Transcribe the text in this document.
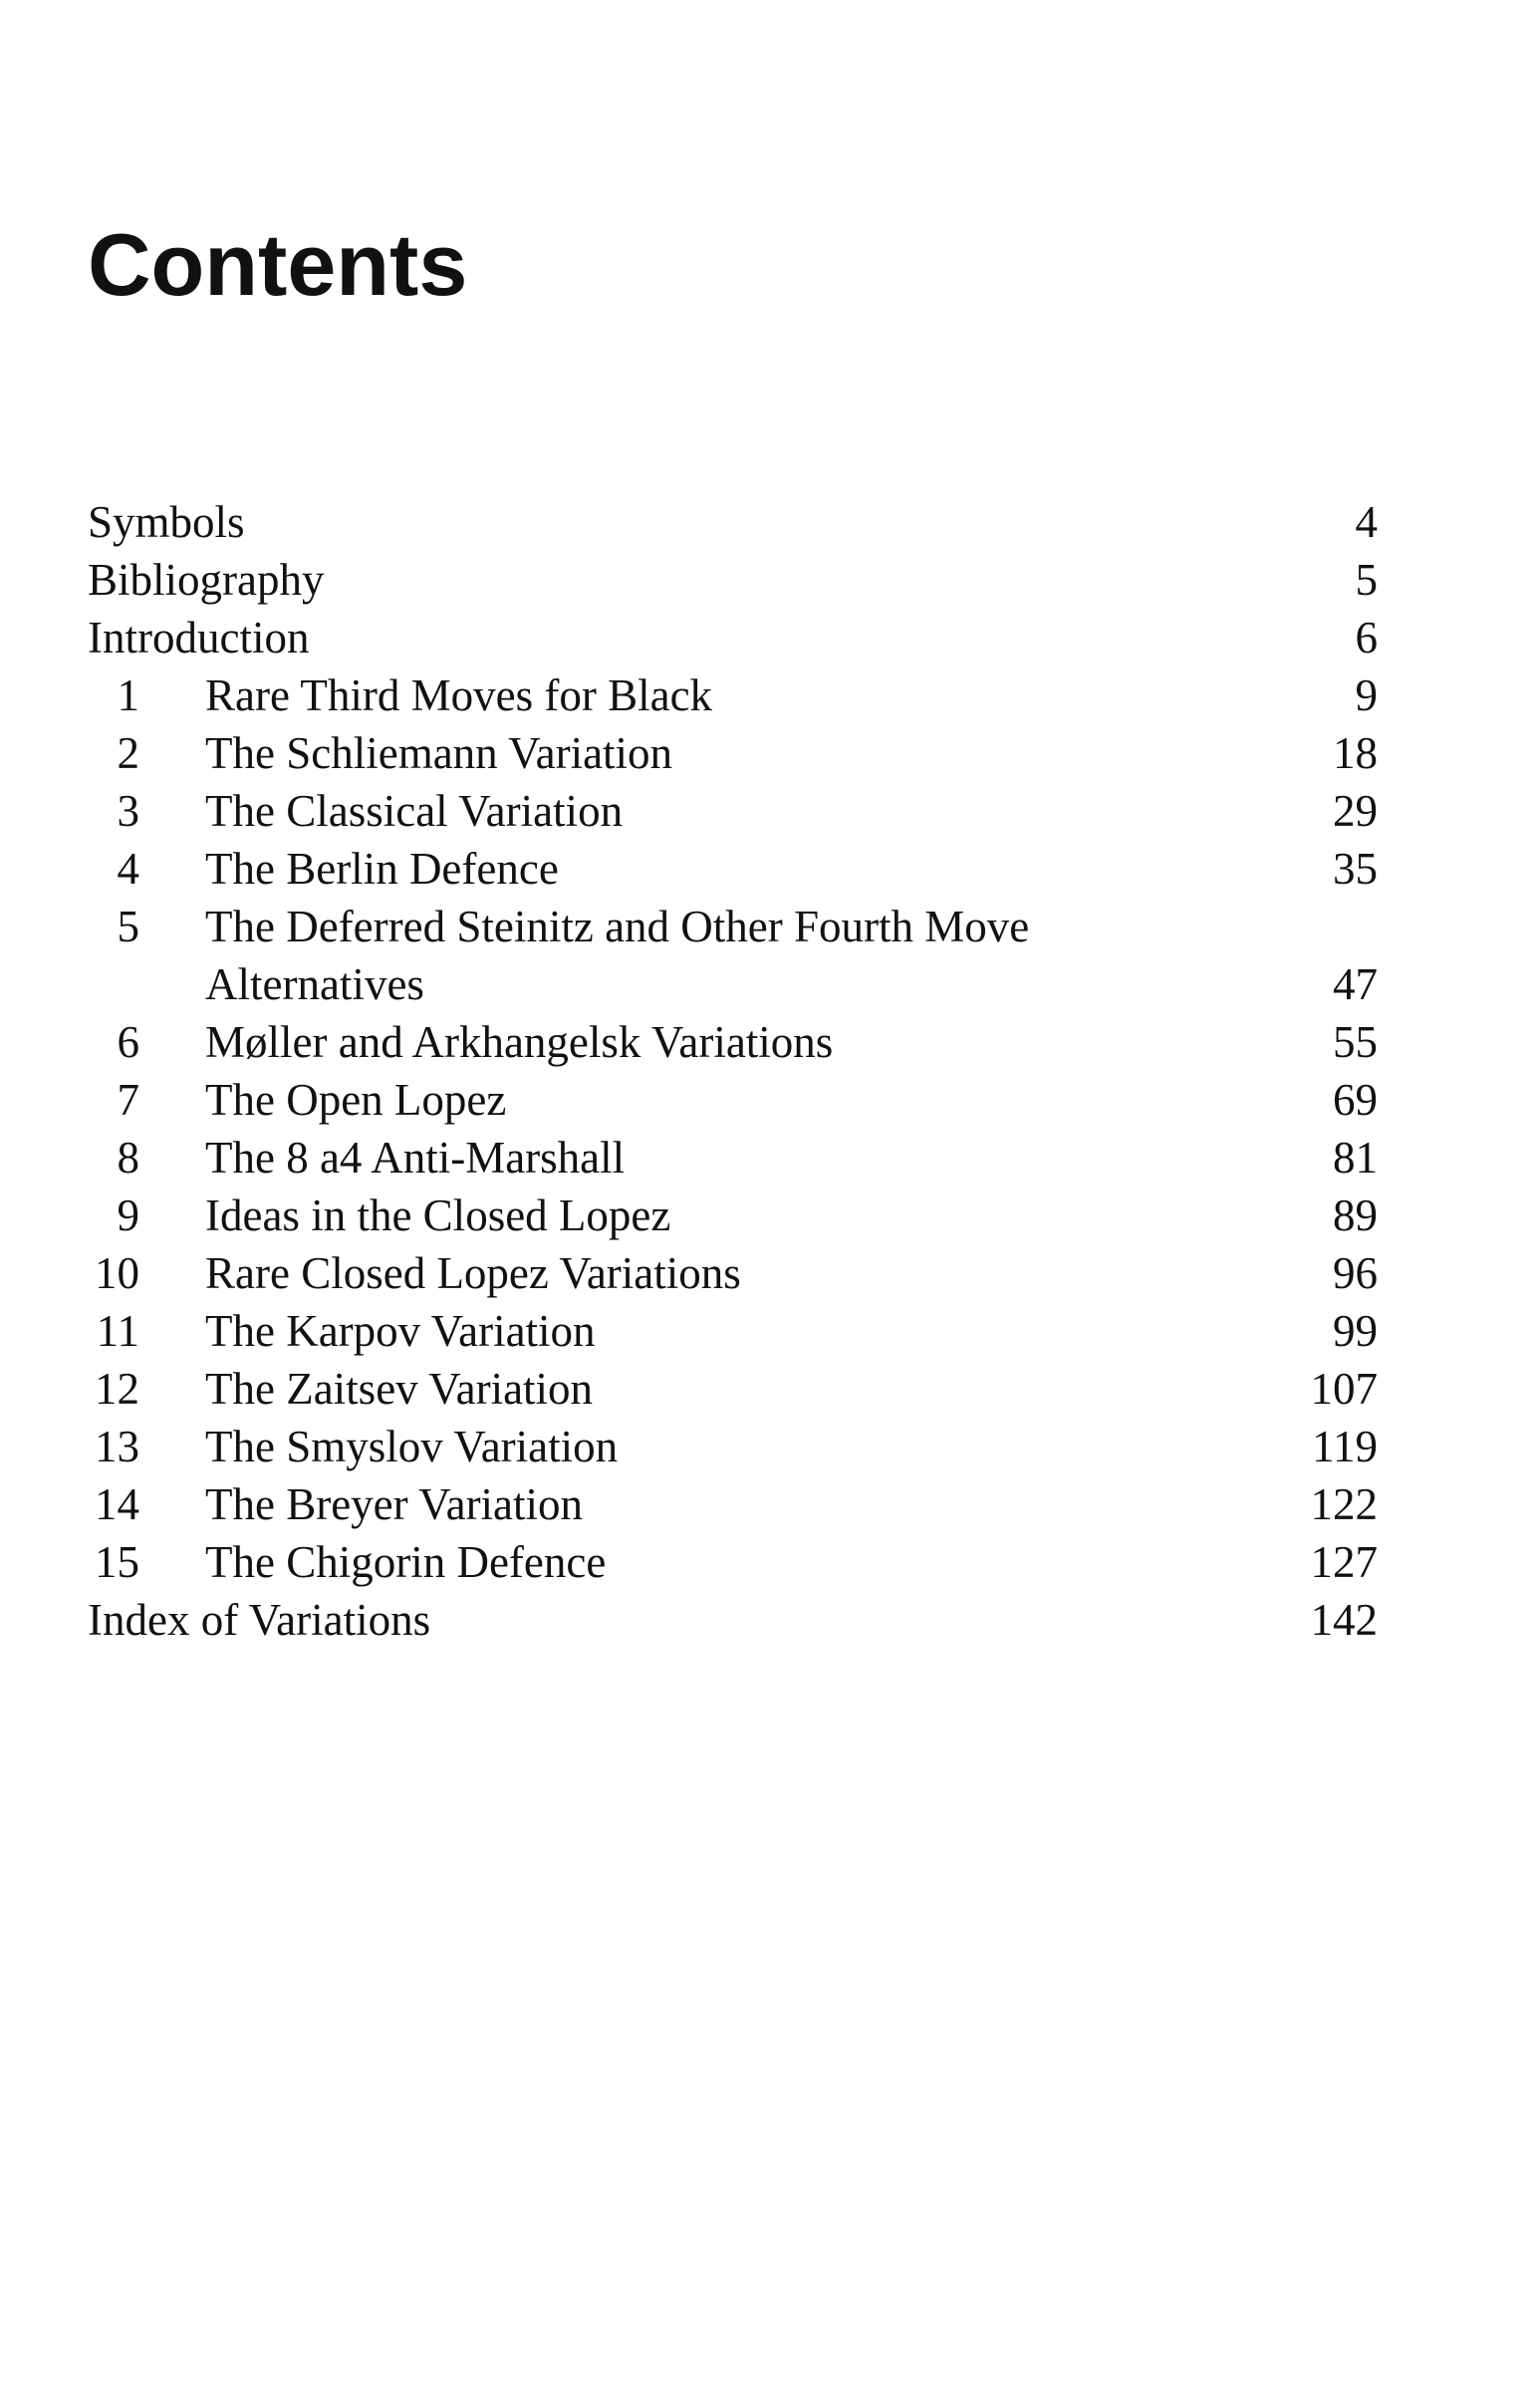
Contents
Symbols	4
Bibliography	5
Introduction	6
1 Rare Third Moves for Black	9
2 The Schliemann Variation	18
3 The Classical Variation	29
4 The Berlin Defence	35
5 The Deferred Steinitz and Other Fourth Move Alternatives	47
6 Møller and Arkhangelsk Variations	55
7 The Open Lopez	69
8 The 8 a4 Anti-Marshall	81
9 Ideas in the Closed Lopez	89
10 Rare Closed Lopez Variations	96
11 The Karpov Variation	99
12 The Zaitsev Variation	107
13 The Smyslov Variation	119
14 The Breyer Variation	122
15 The Chigorin Defence	127
Index of Variations	142
